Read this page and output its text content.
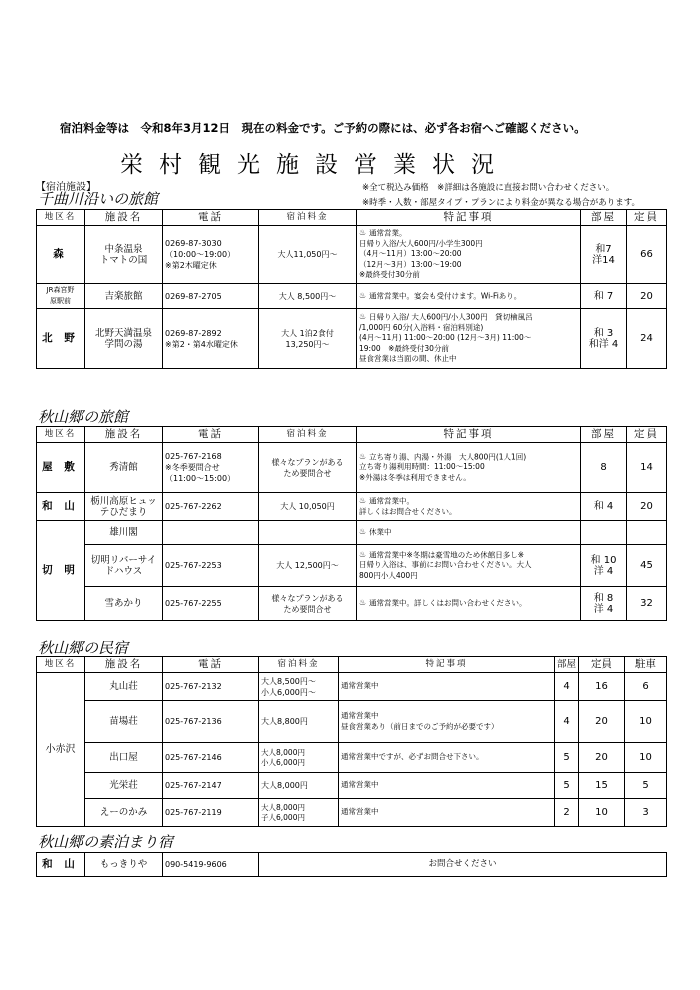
宿泊料金等は　令和8年3月12日　現在の料金です。ご予約の際には、必ず各お宿へご確認ください。
栄村観光施設営業状況
【宿泊施設】	※全て税込み価格　※詳細は各施設に直接お問い合わせください。
※時季・人数・部屋タイプ・プランにより料金が異なる場合があります。
千曲川沿いの旅館
地区名	施設名	電話	宿泊料金	特記事項	部屋	定員
森	中条温泉
トマトの国	0269-87-3030
（10:00～19:00）
※第2木曜定休	大人11,050円～	♨ 通常営業。
日帰り入浴/大人600円/小学生300円
（4月～11月）13:00～20:00
（12月～3月）13:00～19:00
※最終受付30分前	和7
洋14	66
JR森宮野
原駅前	吉楽旅館	0269-87-2705	大人 8,500円～	♨ 通常営業中。宴会も受付けます。Wi-Fiあり。	和 7	20
北 野	北野天満温泉
学問の湯	0269-87-2892
※第2・第4水曜定休	大人 1泊2食付
13,250円～	♨ 日帰り入浴/ 大人600円/小人300円　貸切檜風呂
/1,000円 60分(入浴料・宿泊料別途)
(4月～11月) 11:00～20:00 (12月～3月) 11:00～
19:00　※最終受付30分前
昼食営業は当面の間、休止中	和 3
和洋 4	24
秋山郷の旅館
地区名	施設名	電話	宿泊料金	特記事項	部屋	定員
屋 敷	秀清館	025-767-2168
※冬季要問合せ
（11:00～15:00）	様々なプランがある
ため要問合せ	♨ 立ち寄り湯、内湯・外湯　大人800円(1人1回)
立ち寄り湯利用時間：11:00～15:00
※外湯は冬季は利用できません。	8	14
和 山	栃川高原ヒュッ
テひだまり	025-767-2262	大人 10,050円	♨ 通常営業中。
詳しくはお問合せください。	和 4	20
切 明	雄川閣			♨ 休業中		
	切明リバーサイ
ドハウス	025-767-2253	大人 12,500円～	♨ 通常営業中※冬期は豪雪地のため休館日多し※
日帰り入浴は、事前にお問い合わせください。大人
800円小人400円	和 10
洋 4	45
	雪あかり	025-767-2255	様々なプランがある
ため要問合せ	♨ 通常営業中。詳しくはお問い合わせください。	和 8
洋 4	32
秋山郷の民宿
地区名	施設名	電話	宿泊料金	特記事項	部屋	定員	駐車
小赤沢	丸山荘	025-767-2132	大人8,500円～
小人6,000円～	通常営業中	4	16	6
	苗場荘	025-767-2136	大人8,800円	通常営業中
昼食営業あり（前日までのご予約が必要です）	4	20	10
	出口屋	025-767-2146	大人8,000円
小人6,000円	通常営業中ですが、必ずお問合せ下さい。	5	20	10
	光栄荘	025-767-2147	大人8,000円	通常営業中	5	15	5
	えーのかみ	025-767-2119	大人8,000円
子人6,000円	通常営業中	2	10	3
秋山郷の素泊まり宿
和 山	もっきりや	090-5419-9606	お問合せください
